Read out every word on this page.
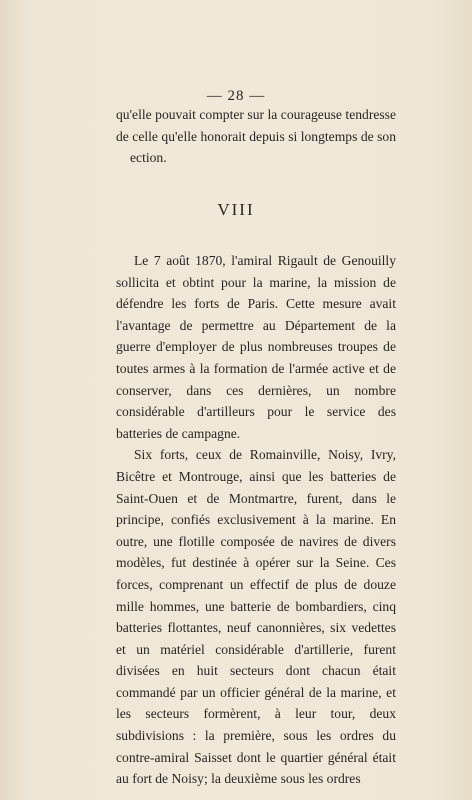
— 28 —

qu'elle pouvait compter sur la courageuse tendresse

de celle qu'elle honorait depuis si longtemps de son

ection.

VIII

Le 7 août 1870, l'amiral Rigault de Genouilly sollicita et obtint pour la marine, la mission de défendre les forts de Paris. Cette mesure avait l'avantage de permettre au Département de la guerre d'employer de plus nombreuses troupes de toutes armes à la formation de l'armée active et de conserver, dans ces dernières, un nombre considérable d'artilleurs pour le service des batteries de campagne.

Six forts, ceux de Romainville, Noisy, Ivry, Bicêtre et Montrouge, ainsi que les batteries de Saint-Ouen et de Montmartre, furent, dans le principe, confiés exclusivement à la marine. En outre, une flotille composée de navires de divers modèles, fut destinée à opérer sur la Seine. Ces forces, comprenant un effectif de plus de douze mille hommes, une batterie de bombardiers, cinq batteries flottantes, neuf canonnières, six vedettes et un matériel considérable d'artillerie, furent divisées en huit secteurs dont chacun était commandé par un officier général de la marine, et les secteurs formèrent, à leur tour, deux subdivisions : la première, sous les ordres du contre-amiral Saisset dont le quartier général était au fort de Noisy; la deuxième sous les ordres
